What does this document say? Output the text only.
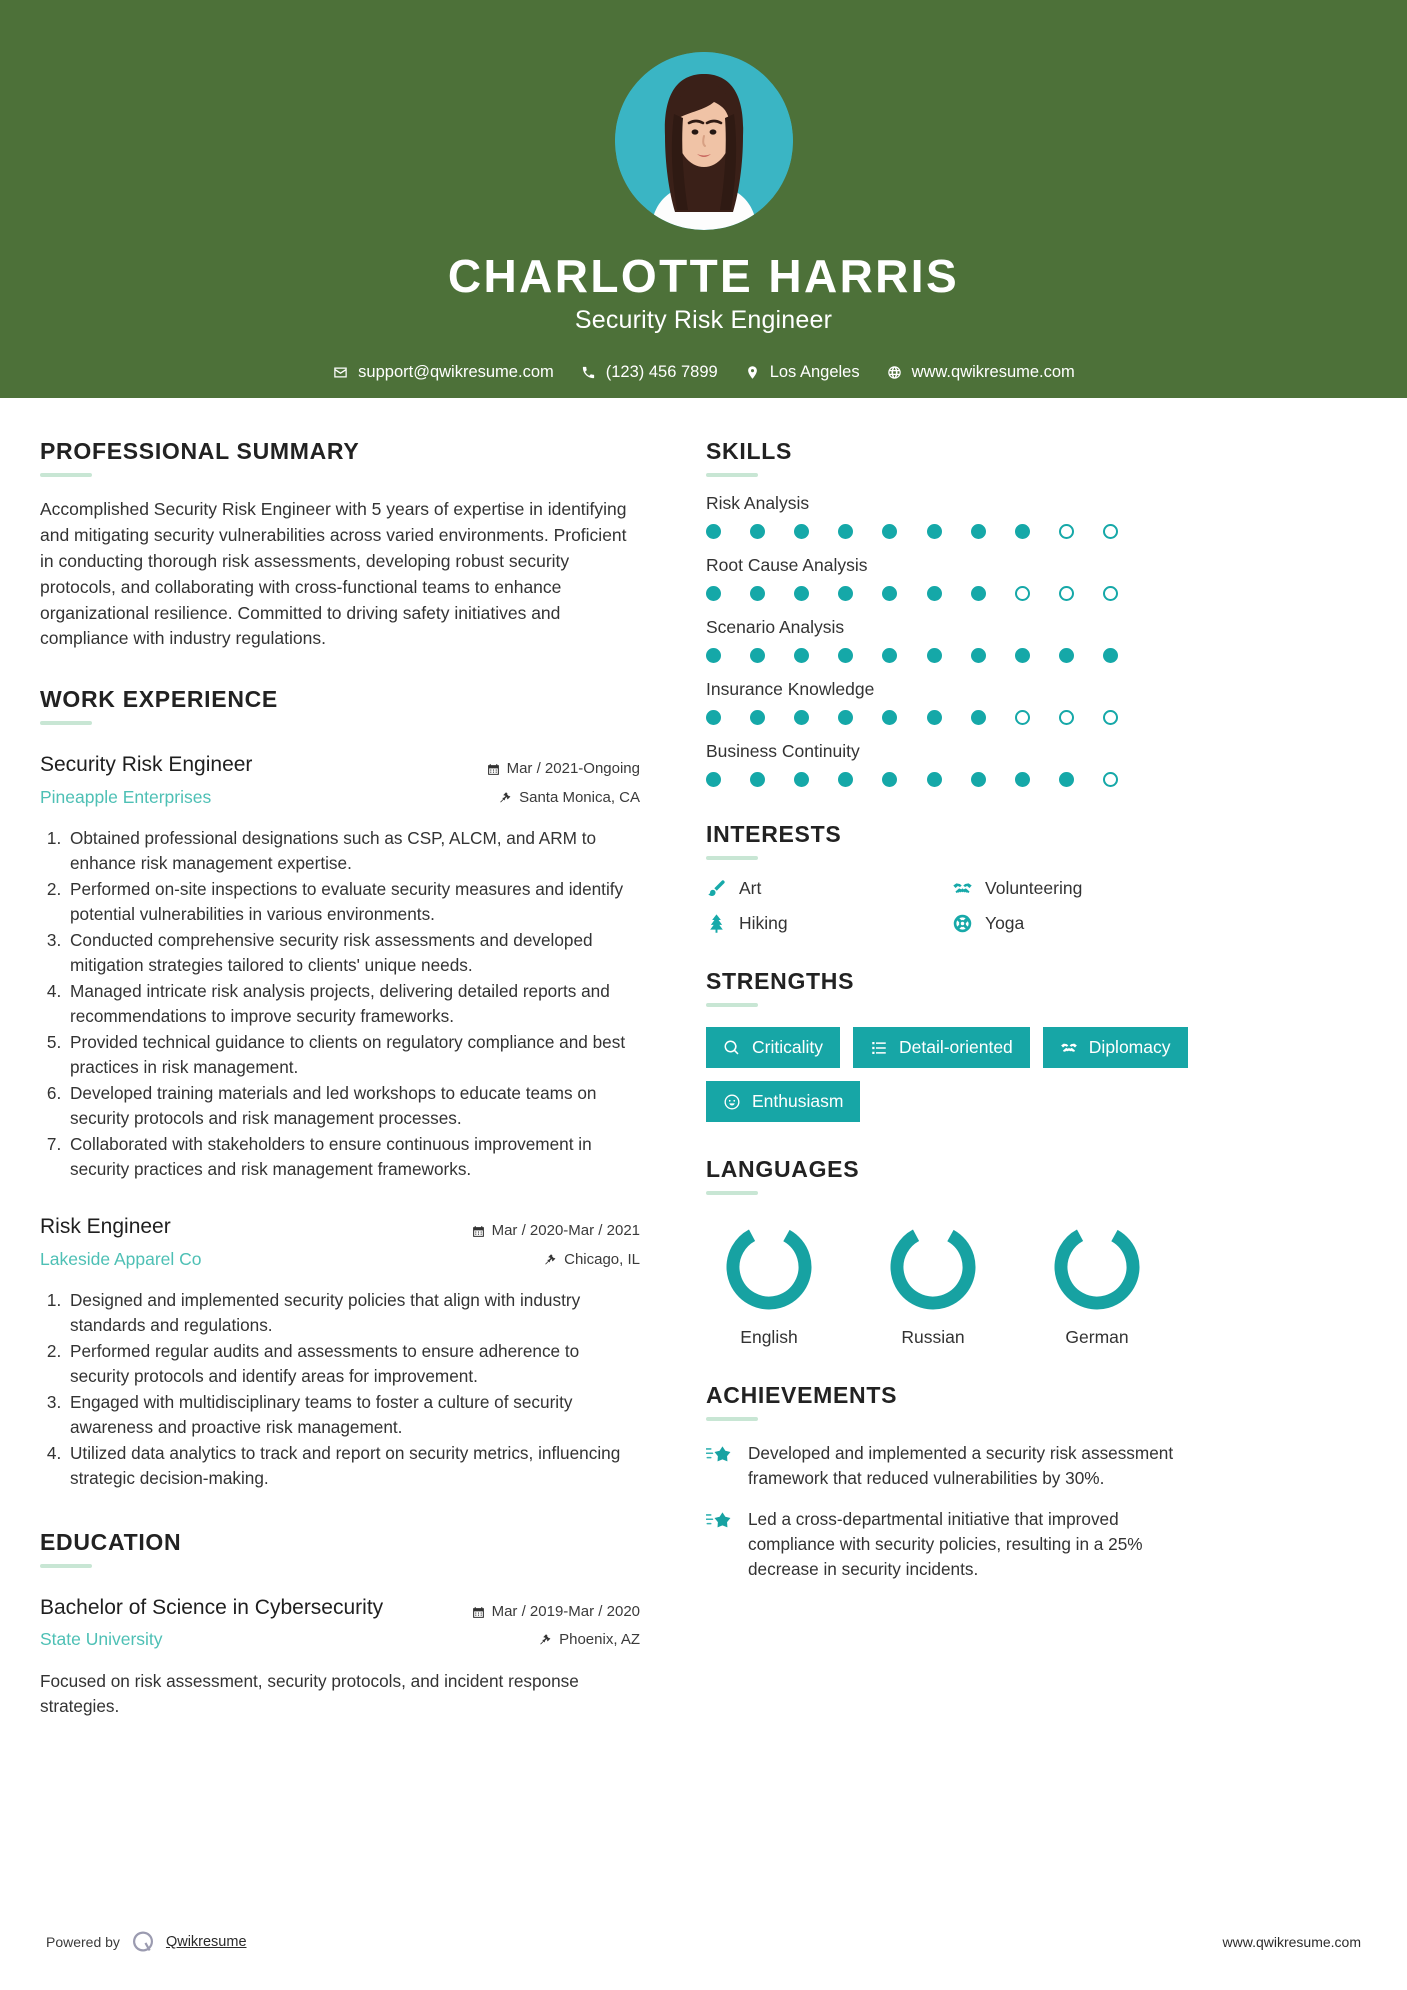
CHARLOTTE HARRIS
Security Risk Engineer
support@qwikresume.com	(123) 456 7899	Los Angeles	www.qwikresume.com
PROFESSIONAL SUMMARY
Accomplished Security Risk Engineer with 5 years of expertise in identifying and mitigating security vulnerabilities across varied environments. Proficient in conducting thorough risk assessments, developing robust security protocols, and collaborating with cross-functional teams to enhance organizational resilience. Committed to driving safety initiatives and compliance with industry regulations.
WORK EXPERIENCE
Security Risk Engineer
Pineapple Enterprises
Mar / 2021-Ongoing
Santa Monica, CA
1. Obtained professional designations such as CSP, ALCM, and ARM to enhance risk management expertise.
2. Performed on-site inspections to evaluate security measures and identify potential vulnerabilities in various environments.
3. Conducted comprehensive security risk assessments and developed mitigation strategies tailored to clients' unique needs.
4. Managed intricate risk analysis projects, delivering detailed reports and recommendations to improve security frameworks.
5. Provided technical guidance to clients on regulatory compliance and best practices in risk management.
6. Developed training materials and led workshops to educate teams on security protocols and risk management processes.
7. Collaborated with stakeholders to ensure continuous improvement in security practices and risk management frameworks.
Risk Engineer
Lakeside Apparel Co
Mar / 2020-Mar / 2021
Chicago, IL
1. Designed and implemented security policies that align with industry standards and regulations.
2. Performed regular audits and assessments to ensure adherence to security protocols and identify areas for improvement.
3. Engaged with multidisciplinary teams to foster a culture of security awareness and proactive risk management.
4. Utilized data analytics to track and report on security metrics, influencing strategic decision-making.
EDUCATION
Bachelor of Science in Cybersecurity
State University
Mar / 2019-Mar / 2020
Phoenix, AZ
Focused on risk assessment, security protocols, and incident response strategies.
SKILLS
Risk Analysis
Root Cause Analysis
Scenario Analysis
Insurance Knowledge
Business Continuity
INTERESTS
Art	Volunteering
Hiking	Yoga
STRENGTHS
Criticality	Detail-oriented	Diplomacy
Enthusiasm
LANGUAGES
English	Russian	German
ACHIEVEMENTS
Developed and implemented a security risk assessment framework that reduced vulnerabilities by 30%.
Led a cross-departmental initiative that improved compliance with security policies, resulting in a 25% decrease in security incidents.
Powered by	Qwikresume	www.qwikresume.com
